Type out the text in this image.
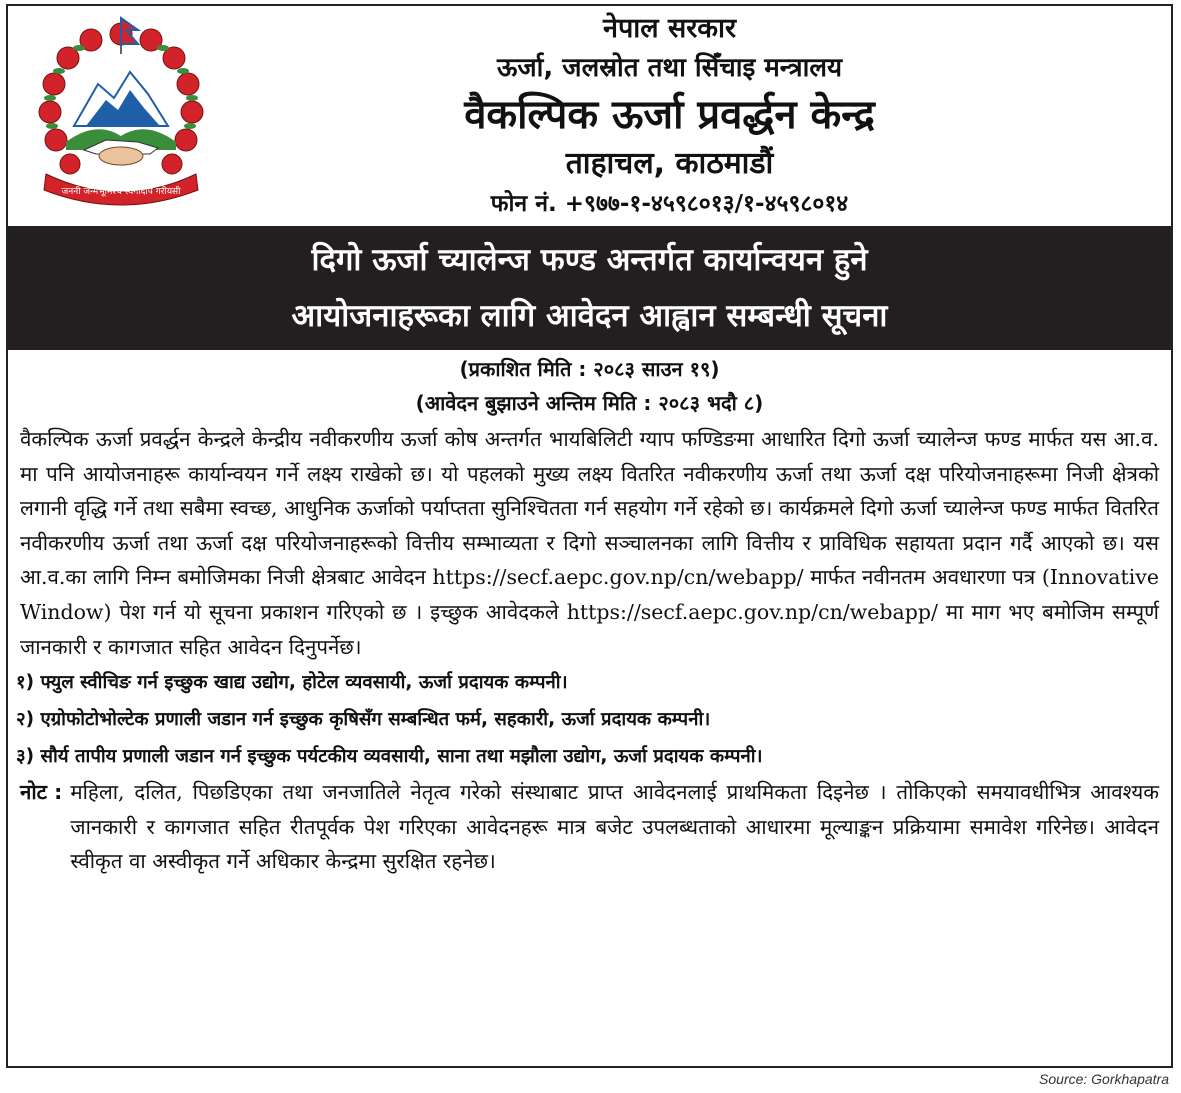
जननी जन्मभूमिश्च स्वर्गादपि गरीयसी
नेपाल सरकार
ऊर्जा, जलस्रोत तथा सिँचाइ मन्त्रालय
वैकल्पिक ऊर्जा प्रवर्द्धन केन्द्र
ताहाचल, काठमाडौं
फोन नं. +९७७-१-४५९८०१३/१-४५९८०१४
दिगो ऊर्जा च्यालेन्ज फण्ड अन्तर्गत कार्यान्वयन हुने
आयोजनाहरूका लागि आवेदन आह्वान सम्बन्धी सूचना
(प्रकाशित मिति : २०८३ साउन १९)
(आवेदन बुझाउने अन्तिम मिति : २०८३ भदौ ८)
वैकल्पिक ऊर्जा प्रवर्द्धन केन्द्रले केन्द्रीय नवीकरणीय ऊर्जा कोष अन्तर्गत भायबिलिटी ग्याप फण्डिङमा आधारित दिगो ऊर्जा च्यालेन्ज फण्ड मार्फत यस आ.व. मा पनि आयोजनाहरू कार्यान्वयन गर्ने लक्ष्य राखेको छ। यो पहलको मुख्य लक्ष्य वितरित नवीकरणीय ऊर्जा तथा ऊर्जा दक्ष परियोजनाहरूमा निजी क्षेत्रको लगानी वृद्धि गर्ने तथा सबैमा स्वच्छ, आधुनिक ऊर्जाको पर्याप्तता सुनिश्चितता गर्न सहयोग गर्ने रहेको छ। कार्यक्रमले दिगो ऊर्जा च्यालेन्ज फण्ड मार्फत वितरित नवीकरणीय ऊर्जा तथा ऊर्जा दक्ष परियोजनाहरूको वित्तीय सम्भाव्यता र दिगो सञ्चालनका लागि वित्तीय र प्राविधिक सहायता प्रदान गर्दै आएको छ। यस आ.व.का लागि निम्न बमोजिमका निजी क्षेत्रबाट आवेदन https://secf.aepc.gov.np/cn/webapp/ मार्फत नवीनतम अवधारणा पत्र (Innovative Window) पेश गर्न यो सूचना प्रकाशन गरिएको छ । इच्छुक आवेदकले https://secf.aepc.gov.np/cn/webapp/ मा माग भए बमोजिम सम्पूर्ण जानकारी र कागजात सहित आवेदन दिनुपर्नेछ।
१) फ्युल स्वीचिङ गर्न इच्छुक खाद्य उद्योग, होटेल व्यवसायी, ऊर्जा प्रदायक कम्पनी।
२) एग्रोफोटोभोल्टेक प्रणाली जडान गर्न इच्छुक कृषिसँग सम्बन्धित फर्म, सहकारी, ऊर्जा प्रदायक कम्पनी।
३) सौर्य तापीय प्रणाली जडान गर्न इच्छुक पर्यटकीय व्यवसायी, साना तथा मझौला उद्योग, ऊर्जा प्रदायक कम्पनी।
नोट : महिला, दलित, पिछडिएका तथा जनजातिले नेतृत्व गरेको संस्थाबाट प्राप्त आवेदनलाई प्राथमिकता दिइनेछ । तोकिएको समयावधीभित्र आवश्यक जानकारी र कागजात सहित रीतपूर्वक पेश गरिएका आवेदनहरू मात्र बजेट उपलब्धताको आधारमा मूल्याङ्कन प्रक्रियामा समावेश गरिनेछ। आवेदन स्वीकृत वा अस्वीकृत गर्ने अधिकार केन्द्रमा सुरक्षित रहनेछ।
Source: Gorkhapatra
